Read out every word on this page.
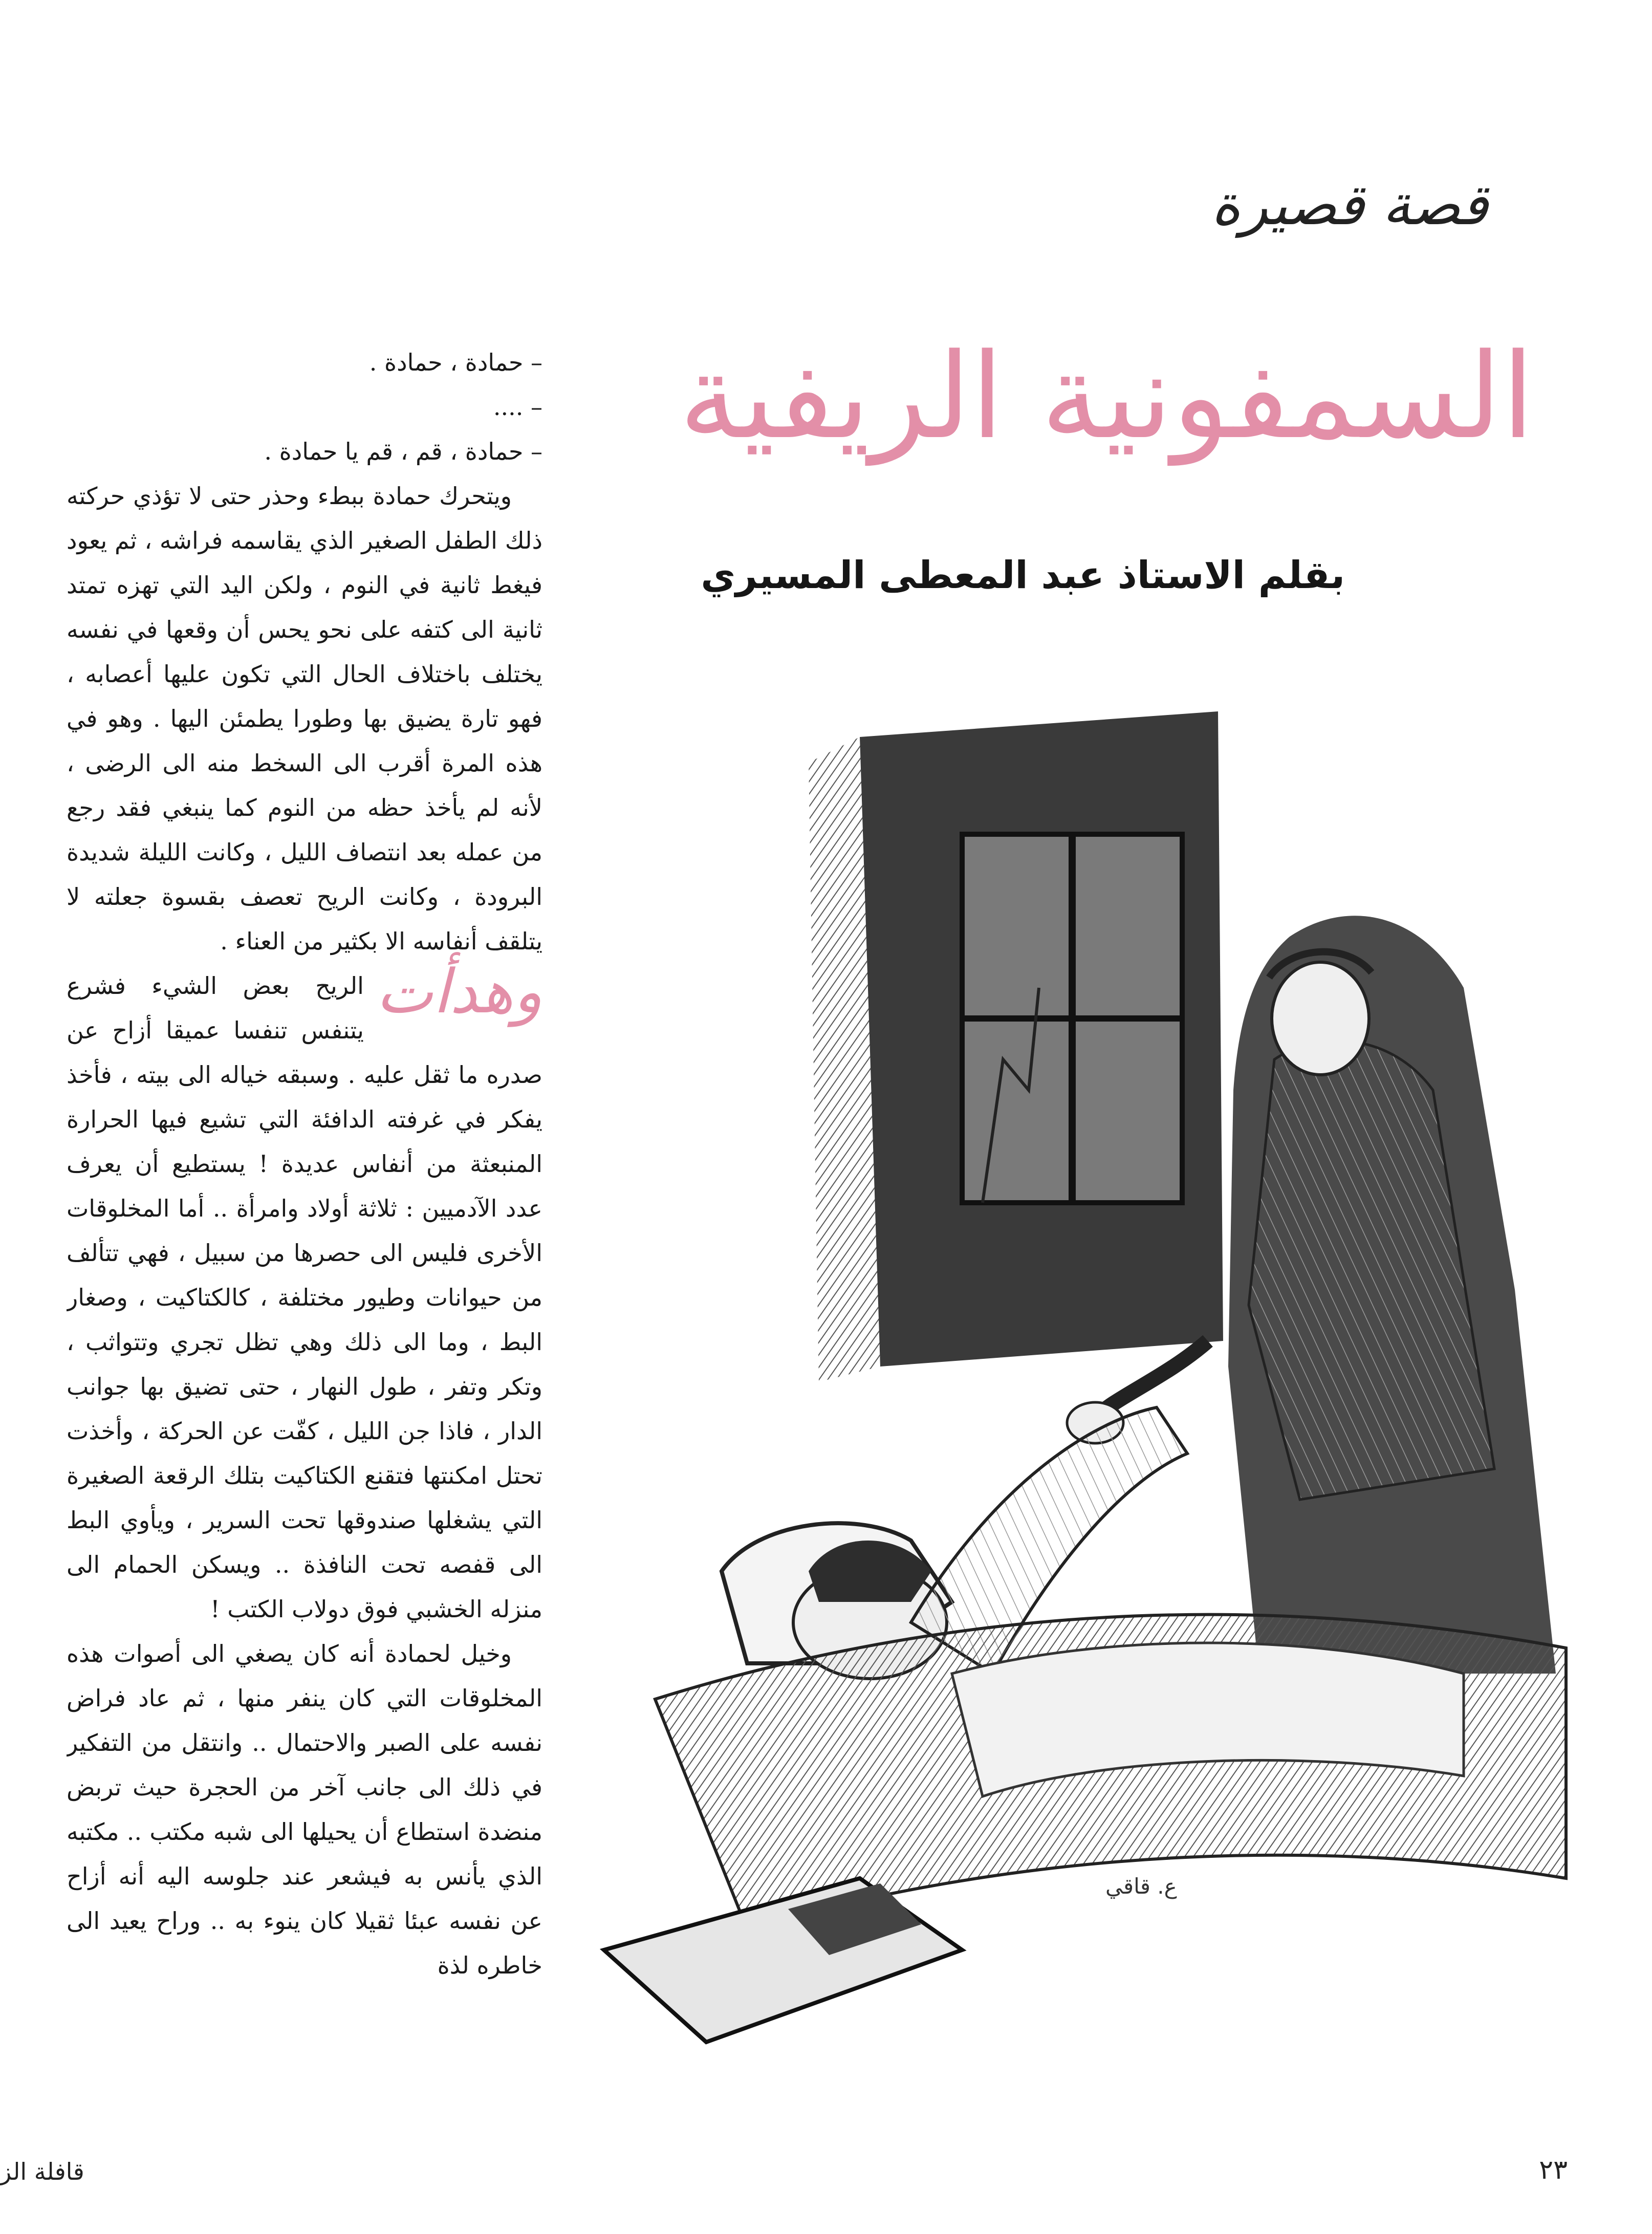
قصة قصيرة
السمفونية الريفية
بقلم الاستاذ عبد المعطى المسيري

– حمادة ، حمادة .

– ....

– حمادة ، قم ، قم يا حمادة .

ويتحرك حمادة ببطء وحذر حتى لا تؤذي حركته ذلك الطفل الصغير الذي يقاسمه فراشه ، ثم يعود فيغط ثانية في النوم ، ولكن اليد التي تهزه تمتد ثانية الى كتفه على نحو يحس أن وقعها في نفسه يختلف باختلاف الحال التي تكون عليها أعصابه ، فهو تارة يضيق بها وطورا يطمئن اليها . وهو في هذه المرة أقرب الى السخط منه الى الرضى ، لأنه لم يأخذ حظه من النوم كما ينبغي فقد رجع من عمله بعد انتصاف الليل ، وكانت الليلة شديدة البرودة ، وكانت الريح تعصف بقسوة جعلته لا يتلقف أنفاسه الا بكثير من العناء .

وهدأت
الريح بعض الشيء فشرع يتنفس تنفسا عميقا أزاح عن صدره ما ثقل عليه . وسبقه خياله الى بيته ، فأخذ يفكر في غرفته الدافئة التي تشيع فيها الحرارة المنبعثة من أنفاس عديدة ! يستطيع أن يعرف عدد الآدميين : ثلاثة أولاد وامرأة .. أما المخلوقات الأخرى فليس الى حصرها من سبيل ، فهي تتألف من حيوانات وطيور مختلفة ، كالكتاكيت ، وصغار البط ، وما الى ذلك وهي تظل تجري وتتواثب ، وتكر وتفر ، طول النهار ، حتى تضيق بها جوانب الدار ، فاذا جن الليل ، كفّت عن الحركة ، وأخذت تحتل امكنتها فتقنع الكتاكيت بتلك الرقعة الصغيرة التي يشغلها صندوقها تحت السرير ، ويأوي البط الى قفصه تحت النافذة .. ويسكن الحمام الى منزله الخشبي فوق دولاب الكتب !

وخيل لحمادة أنه كان يصغي الى أصوات هذه المخلوقات التي كان ينفر منها ، ثم عاد فراض نفسه على الصبر والاحتمال .. وانتقل من التفكير في ذلك الى جانب آخر من الحجرة حيث تربض منضدة استطاع أن يحيلها الى شبه مكتب .. مكتبه الذي يأنس به فيشعر عند جلوسه اليه أنه أزاح عن نفسه عبئا ثقيلا كان ينوء به .. وراح يعيد الى خاطره لذة

ع. قاقي
٢٣
قافلة الز
